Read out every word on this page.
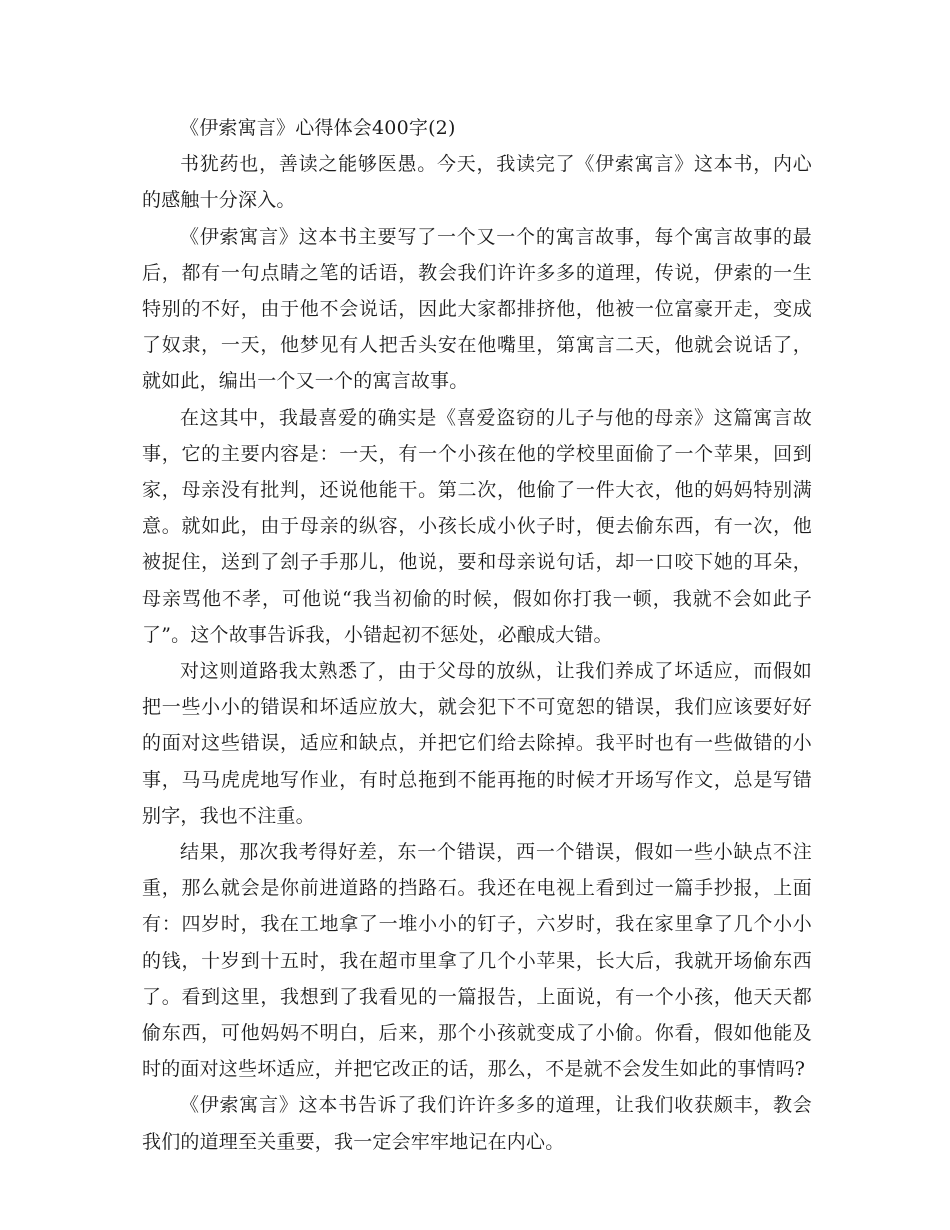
《伊索寓言》心得体会400字(2)

书犹药也，善读之能够医愚。今天，我读完了《伊索寓言》这本书，内心的感触十分深入。

《伊索寓言》这本书主要写了一个又一个的寓言故事，每个寓言故事的最后，都有一句点睛之笔的话语，教会我们许许多多的道理，传说，伊索的一生特别的不好，由于他不会说话，因此大家都排挤他，他被一位富豪开走，变成了奴隶，一天，他梦见有人把舌头安在他嘴里，第寓言二天，他就会说话了，就如此，编出一个又一个的寓言故事。

在这其中，我最喜爱的确实是《喜爱盗窃的儿子与他的母亲》这篇寓言故事，它的主要内容是：一天，有一个小孩在他的学校里面偷了一个苹果，回到家，母亲没有批判，还说他能干。第二次，他偷了一件大衣，他的妈妈特别满意。就如此，由于母亲的纵容，小孩长成小伙子时，便去偷东西，有一次，他被捉住，送到了刽子手那儿，他说，要和母亲说句话，却一口咬下她的耳朵，母亲骂他不孝，可他说“我当初偷的时候，假如你打我一顿，我就不会如此子了”。这个故事告诉我，小错起初不惩处，必酿成大错。

对这则道路我太熟悉了，由于父母的放纵，让我们养成了坏适应，而假如把一些小小的错误和坏适应放大，就会犯下不可宽恕的错误，我们应该要好好的面对这些错误，适应和缺点，并把它们给去除掉。我平时也有一些做错的小事，马马虎虎地写作业，有时总拖到不能再拖的时候才开场写作文，总是写错别字，我也不注重。

结果，那次我考得好差，东一个错误，西一个错误，假如一些小缺点不注重，那么就会是你前进道路的挡路石。我还在电视上看到过一篇手抄报，上面有：四岁时，我在工地拿了一堆小小的钉子，六岁时，我在家里拿了几个小小的钱，十岁到十五时，我在超市里拿了几个小苹果，长大后，我就开场偷东西了。看到这里，我想到了我看见的一篇报告，上面说，有一个小孩，他天天都偷东西，可他妈妈不明白，后来，那个小孩就变成了小偷。你看，假如他能及时的面对这些坏适应，并把它改正的话，那么，不是就不会发生如此的事情吗?

《伊索寓言》这本书告诉了我们许许多多的道理，让我们收获颇丰，教会我们的道理至关重要，我一定会牢牢地记在内心。
